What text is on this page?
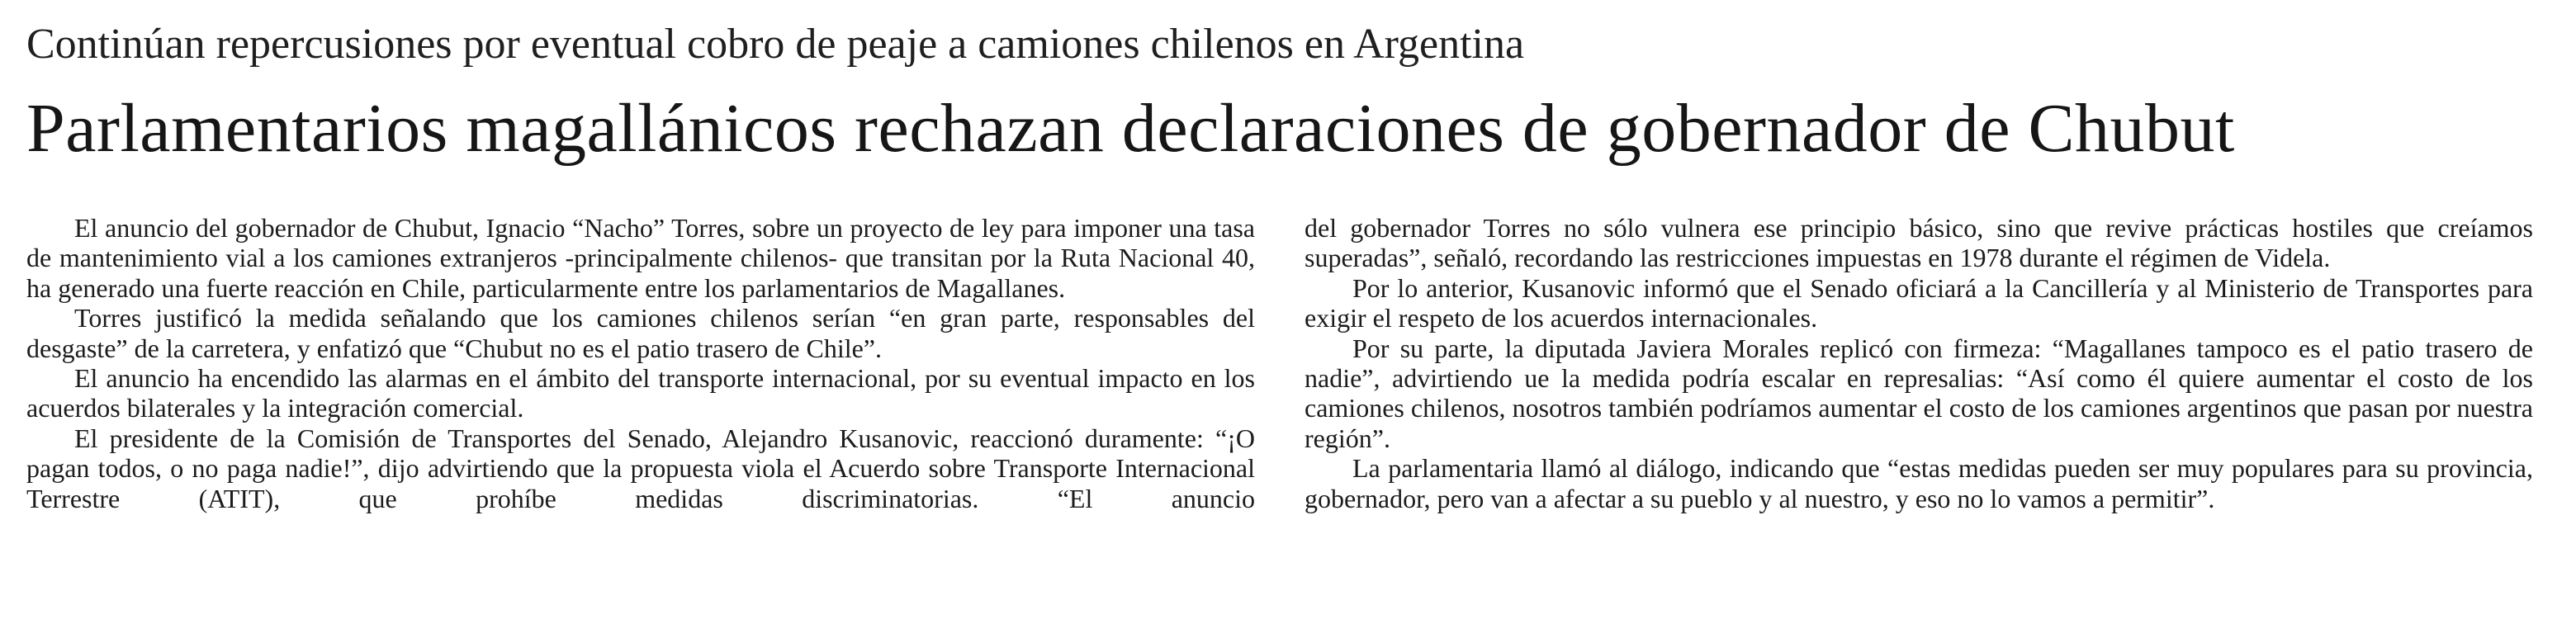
Continúan repercusiones por eventual cobro de peaje a camiones chilenos en Argentina
Parlamentarios magallánicos rechazan declaraciones de gobernador de Chubut

El anuncio del gobernador de Chubut, Ignacio “Nacho” Torres, sobre un proyecto de ley para imponer una tasa de mantenimiento vial a los camiones extranjeros -principalmente chilenos- que transitan por la Ruta Nacional 40, ha generado una fuerte reacción en Chile, particularmente entre los parlamentarios de Magallanes.

Torres justificó la medida señalando que los camiones chilenos serían “en gran parte, responsables del desgaste” de la carretera, y enfatizó que “Chubut no es el patio trasero de Chile”.

El anuncio ha encendido las alarmas en el ámbito del transporte internacional, por su eventual impacto en los acuerdos bilaterales y la integración comercial.

El presidente de la Comisión de Transportes del Senado, Alejandro Kusanovic, reaccionó duramente: “¡O pagan todos, o no paga nadie!”, dijo advirtiendo que la propuesta viola el Acuerdo sobre Transporte Internacional Terrestre (ATIT), que prohíbe medidas discriminatorias. “El anuncio

del gobernador Torres no sólo vulnera ese principio básico, sino que revive prácticas hostiles que creíamos superadas”, señaló, recordando las restricciones impuestas en 1978 durante el régimen de Videla.

Por lo anterior, Kusanovic informó que el Senado oficiará a la Cancillería y al Ministerio de Transportes para exigir el respeto de los acuerdos internacionales.

Por su parte, la diputada Javiera Morales replicó con firmeza: “Magallanes tampoco es el patio trasero de nadie”, advirtiendo ue la medida podría escalar en represalias: “Así como él quiere aumentar el costo de los camiones chilenos, nosotros también podríamos aumentar el costo de los camiones argentinos que pasan por nuestra región”.

La parlamentaria llamó al diálogo, indicando que “estas medidas pueden ser muy populares para su provincia, gobernador, pero van a afectar a su pueblo y al nuestro, y eso no lo vamos a permitir”.
